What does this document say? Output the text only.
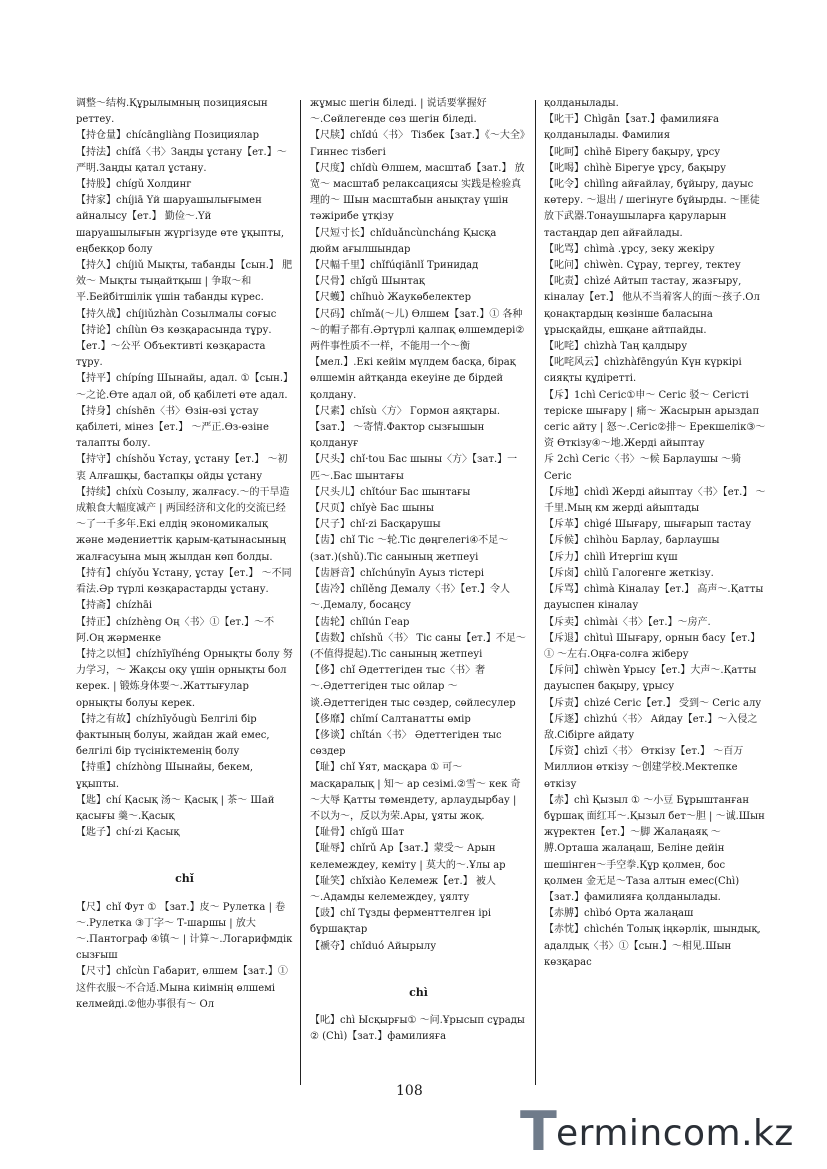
调整～结构.Құрылымның позициясын реттеу.

【持仓量】chícāngliàng Позициялар

【持法】chífǎ〈书〉Заңды ұстану【ет.】～严明.Заңды қатал ұстану.

【持股】chígǔ Холдинг

【持家】chíjiā Үй шаруашылығымен айналысу【ет.】 勤俭～.Үй шаруашылығын жүргізуде өте ұқыпты, еңбекқор болу

【持久】chíjiǔ Мықты, табанды【сын.】 肥效～ Мықты тыңайтқыш | 争取～和平.Бейбітшілік үшін табанды күрес.

【持久战】chíjiǔzhàn Созылмалы соғыс

【持论】chílùn Өз көзқарасында тұру.【ет.】～公平 Объективті көзқараста тұру.

【持平】chípíng Шынайы, адал. ①【сын.】 ～之论.Өте адал ой, об қабілеті өте адал.

【持身】chíshēn〈书〉Өзін-өзі ұстау қабілеті, мінез【ет.】 ～严正.Өз-өзіне талапты болу.

【持守】chíshǒu Ұстау, ұстану【ет.】 ～初衷 Алғашқы, бастапқы ойды ұстану

【持续】chíxù Созылу, жалғасу.～的干旱造成粮食大幅度减产 | 两国经济和文化的交流已经～了一千多年.Екі елдің экономикалық және мәдениеттік қарым-қатынасының жалғасуына мың жылдан көп болды.

【持有】chíyǒu Ұстану, ұстау【ет.】 ～不同看法.Әр түрлі көзқарастарды ұстану.

【持斋】chízhāi

【持正】chízhèng Оң〈书〉①【ет.】～不阿.Оң жәрменке

【持之以恒】chízhīyǐhéng Орнықты болу 努力学习，～ Жақсы оқу үшін орнықты бол керек. | 锻炼身体要～.Жаттығулар орнықты болуы керек.

【持之有故】chízhīyǒugù Белгілі бір фактының болуы, жайдан жай емес, белгілі бір түсініктеменің болу

【持重】chízhòng Шынайы, бекем, ұқыпты.

【匙】chí Қасық 汤～ Қасық | 茶～ Шай қасығы 羹～.Қасық

【匙子】chí·zi Қасық

chǐ

【尺】chǐ Фут ① 【зат.】皮～ Рулетка | 卷～.Рулетка ③丁字～ Т-шаршы | 放大～.Пантограф ④镇～ | 计算～.Логарифмдік сызғыш

【尺寸】chǐcùn Габарит, өлшем【зат.】① 这件衣服～不合适.Мына киімнің өлшемі келмейді.②他办事很有～ Ол

жұмыс шегін біледі. | 说话要掌握好～.Сөйлегенде сөз шегін біледі.

【尺牍】chǐdú〈书〉 Тізбек【зат.】《～大全》Гиннес тізбегі

【尺度】chǐdù Өлшем, масштаб【зат.】 放宽～ масштаб релаксациясы 实践是检验真理的～ Шын масштабын анықтау үшін тәжірибе ұтқізу

【尺短寸长】chǐduǎncùncháng Қысқа дюйм ағылшындар

【尺幅千里】chǐfúqiānlǐ Тринидад

【尺骨】chǐgǔ Шынтақ

【尺蠖】chǐhuò Жаукөбелектер

【尺码】chǐmǎ(～儿) Өлшем【зат.】① 各种～的帽子都有.Әртүрлі қалпақ өлшемдері②两件事性质不一样，不能用一个～衡【мел.】.Екі кейім мүлдем басқа, бірақ өлшемін айтқанда екеуіне де бірдей қолдану.

【尺素】chǐsù〈方〉 Гормон аяқтары.【зат.】 ～寄情.Фактор сызғышын қолдануғ

【尺头】chǐ·tou Бас шыны〈方〉【зат.】一匹～.Бас шынтағы

【尺头儿】chǐtóur Бас шынтағы

【尺页】chǐyè Бас шыны

【尺子】chǐ·zi Басқарушы

【齿】chǐ Тіс ～轮.Тіс дөңгелегі④不足～(зат.)(shǔ).Тіс санының жетпеуі

【齿唇音】chǐchúnyīn Ауыз тістері

【齿冷】chǐlěng Демалу〈书〉【ет.】令人～.Демалу, босаңсу

【齿轮】chǐlún Геар

【齿数】chǐshǔ〈书〉 Тіс саны【ет.】不足～(不值得提起).Тіс санының жетпеуі

【侈】chǐ Әдеттегіден тыс〈书〉奢～.Әдеттегіден тыс ойлар ～谈.Әдеттегіден тыс сөздер, сөйлесулер

【侈靡】chǐmí Салтанатты өмір

【侈谈】chǐtán〈书〉 Әдеттегіден тыс сөздер

【耻】chǐ Ұят, масқара ① 可～ масқаралық | 知～ ар сезімі.②雪～ кек 奇～大辱 Қатты төмендету, арлаудырбау | 不以为～，反以为荣.Ары, ұяты жоқ.

【耻骨】chǐgǔ Шат

【耻辱】chǐrǔ Ар【зат.】蒙受～ Арын келемеждеу, кеміту | 莫大的～.Ұлы ар

【耻笑】chǐxiào Келемеж【ет.】 被人～.Адамды келемеждеу, ұялту

【豉】chǐ Тұзды ферменттелген ірі бұршақтар

【褫夺】chǐduó Айырылу

chì

【叱】chì Ысқырғы① ～问.Ұрысып сұрады ② (Chì)【зат.】фамилияға

қолданылады.

【叱干】Chìgān【зат.】фамилияға қолданылады. Фамилия

【叱呵】chìhē Бірегу бақыру, ұрсу

【叱喝】chìhè Бірегуе ұрсу, бақыру

【叱令】chìlìng айғайлау, бұйыру, дауыс көтеру. ～退出 / шегінуге бұйырды. ～匪徒放下武器.Тонаушыларға қаруларын тастаңдар деп айғайлады.

【叱骂】chìmà .ұрсу, зеку жекіру

【叱问】chìwèn. Сұрау, тергеу, тектеу

【叱责】chìzé Айтып тастау, жазғыру, кіналау【ет.】 他从不当着客人的面～孩子.Ол қонақтардың көзінше баласына ұрысқайды, ешқане айтпайды.

【叱咤】chìzhà Таң қалдыру

【叱咤风云】chìzhàfēngyún Күн күркірі сияқты құдіретті.

【斥】1chì Сегіс①申～ Сегіс 驳～ Сегісті теріске шығару | 痛～ Жасырын арыздап сегіс айту | 怒～.Сегіс②排～ Ерекшелік③～资 Өткізу④～地.Жерді айыптау

斥 2chì Сегіс〈书〉～候 Барлаушы ～骑 Сегіс

【斥地】chìdì Жерді айыптау〈书〉【ет.】 ～千里.Мың км жерді айыптады

【斥革】chìgé Шығару, шығарып тастау

【斥候】chìhòu Барлау, барлаушы

【斥力】chìlì Итергіш күш

【斥卤】chìlǔ Галогенге жеткізу.

【斥骂】chìmà Кіналау【ет.】 高声～.Қатты дауыспен кіналау

【斥卖】chìmài〈书〉【ет.】～房产.

【斥退】chìtuì Шығару, орнын басу【ет.】① ～左右.Оңға-солға жіберу

【斥问】chìwèn Ұрысу【ет.】大声～.Қатты дауыспен бақыру, ұрысу

【斥责】chìzé Сегіс【ет.】 受到～ Сегіс алу

【斥逐】chìzhú〈书〉 Айдау【ет.】～入侵之敌.Сібірге айдату

【斥资】chìzī〈书〉 Өткізу【ет.】 ～百万 Миллион өткізу ～创建学校.Мектепке өткізу

【赤】chì Қызыл ① ～小豆 Бұрыштанған бұршақ 面红耳～.Қызыл бет～胆 | ～诚.Шын жүректен【ет.】～脚 Жалаңаяқ ～膊.Орташа жалаңаш, Беліне дейін шешінген～手空拳.Құр қолмен, бос қолмен 金无足～Таза алтын емес(Chì)【зат.】фамилияға қолданылады.

【赤膊】chìbó Орта жалаңаш

【赤忱】chìchén Толық іңкәрлік, шындық, адалдық〈书〉①【сын.】～相见.Шын көзқарас

108
T ermincom.kz
